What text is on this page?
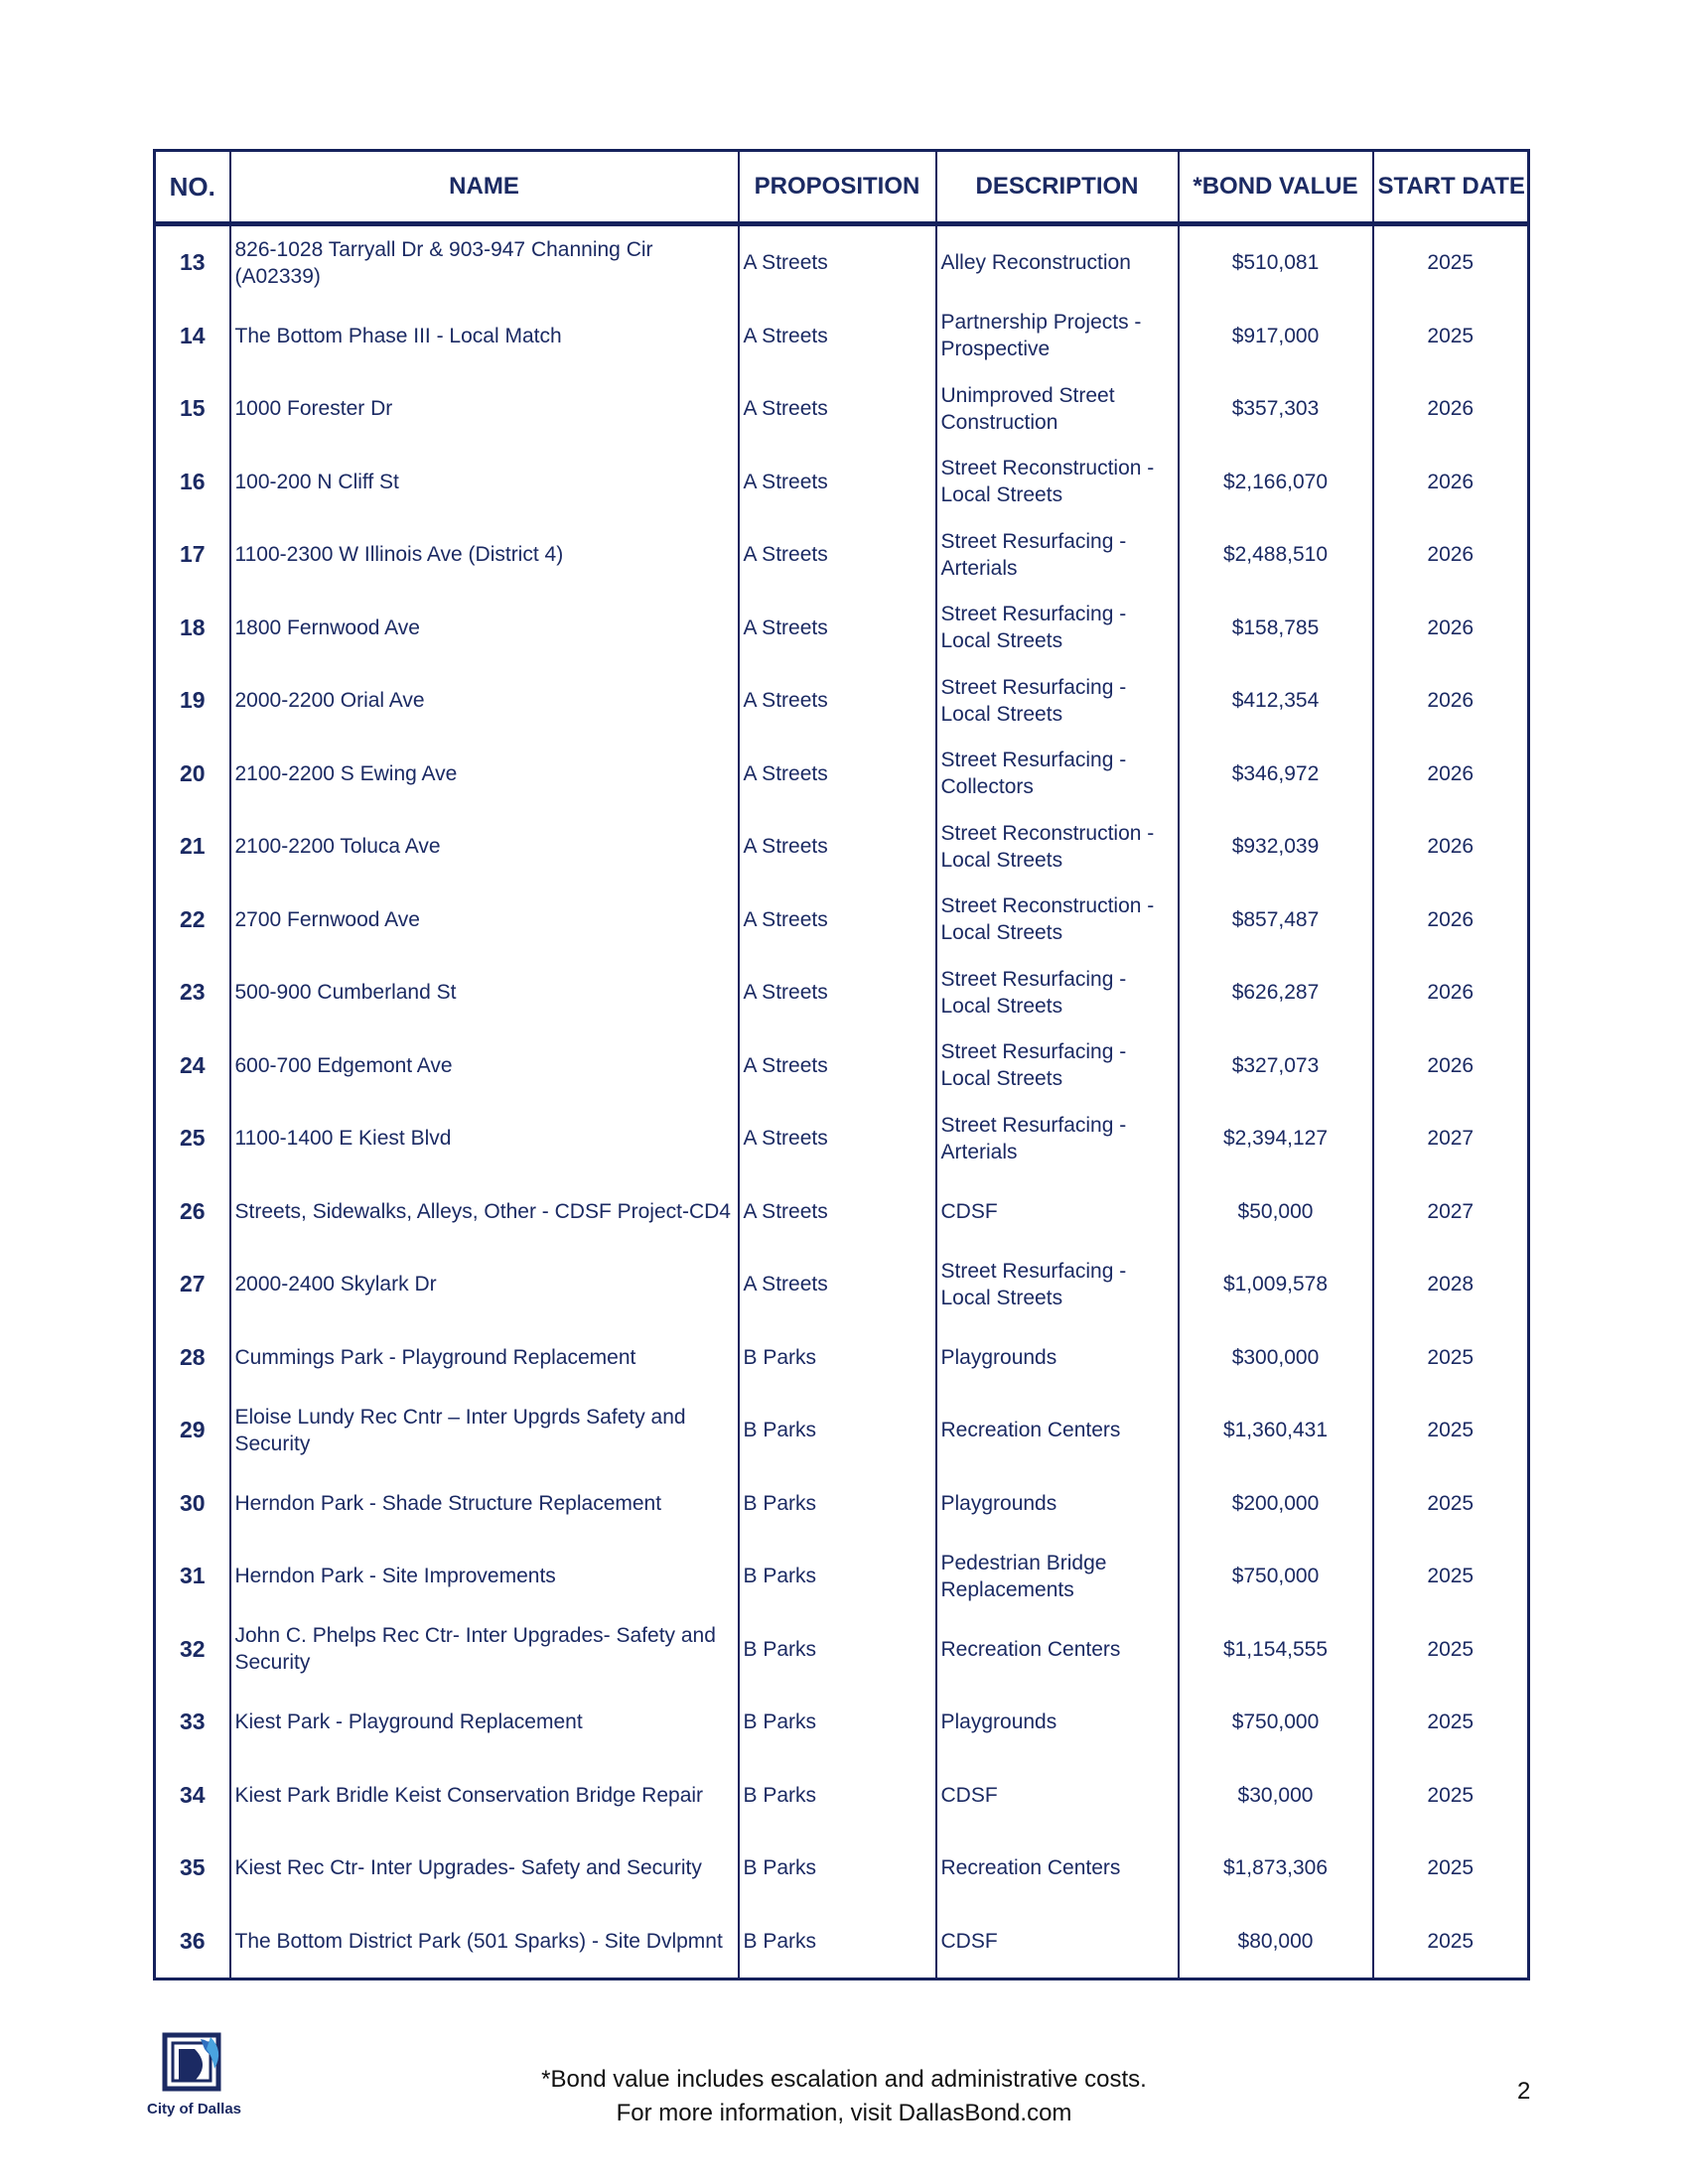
NO.	NAME	PROPOSITION	DESCRIPTION	*BOND VALUE	START DATE
13	826-1028 Tarryall Dr & 903-947 Channing Cir (A02339)	A Streets	Alley Reconstruction	$510,081	2025
14	The Bottom Phase III - Local Match	A Streets	Partnership Projects - Prospective	$917,000	2025
15	1000 Forester Dr	A Streets	Unimproved Street Construction	$357,303	2026
16	100-200 N Cliff St	A Streets	Street Reconstruction - Local Streets	$2,166,070	2026
17	1100-2300 W Illinois Ave (District 4)	A Streets	Street Resurfacing - Arterials	$2,488,510	2026
18	1800 Fernwood Ave	A Streets	Street Resurfacing - Local Streets	$158,785	2026
19	2000-2200 Orial Ave	A Streets	Street Resurfacing - Local Streets	$412,354	2026
20	2100-2200 S Ewing Ave	A Streets	Street Resurfacing - Collectors	$346,972	2026
21	2100-2200 Toluca Ave	A Streets	Street Reconstruction - Local Streets	$932,039	2026
22	2700 Fernwood Ave	A Streets	Street Reconstruction - Local Streets	$857,487	2026
23	500-900 Cumberland St	A Streets	Street Resurfacing - Local Streets	$626,287	2026
24	600-700 Edgemont Ave	A Streets	Street Resurfacing - Local Streets	$327,073	2026
25	1100-1400 E Kiest Blvd	A Streets	Street Resurfacing - Arterials	$2,394,127	2027
26	Streets, Sidewalks, Alleys, Other - CDSF Project-CD4	A Streets	CDSF	$50,000	2027
27	2000-2400 Skylark Dr	A Streets	Street Resurfacing - Local Streets	$1,009,578	2028
28	Cummings Park - Playground Replacement	B Parks	Playgrounds	$300,000	2025
29	Eloise Lundy Rec Cntr – Inter Upgrds Safety and Security	B Parks	Recreation Centers	$1,360,431	2025
30	Herndon Park - Shade Structure Replacement	B Parks	Playgrounds	$200,000	2025
31	Herndon Park - Site Improvements	B Parks	Pedestrian Bridge Replacements	$750,000	2025
32	John C. Phelps Rec Ctr- Inter Upgrades- Safety and Security	B Parks	Recreation Centers	$1,154,555	2025
33	Kiest Park - Playground Replacement	B Parks	Playgrounds	$750,000	2025
34	Kiest Park Bridle Keist Conservation Bridge Repair	B Parks	CDSF	$30,000	2025
35	Kiest Rec Ctr- Inter Upgrades- Safety and Security	B Parks	Recreation Centers	$1,873,306	2025
36	The Bottom District Park (501 Sparks) - Site Dvlpmnt	B Parks	CDSF	$80,000	2025
City of Dallas
*Bond value includes escalation and administrative costs.
For more information, visit DallasBond.com
2
